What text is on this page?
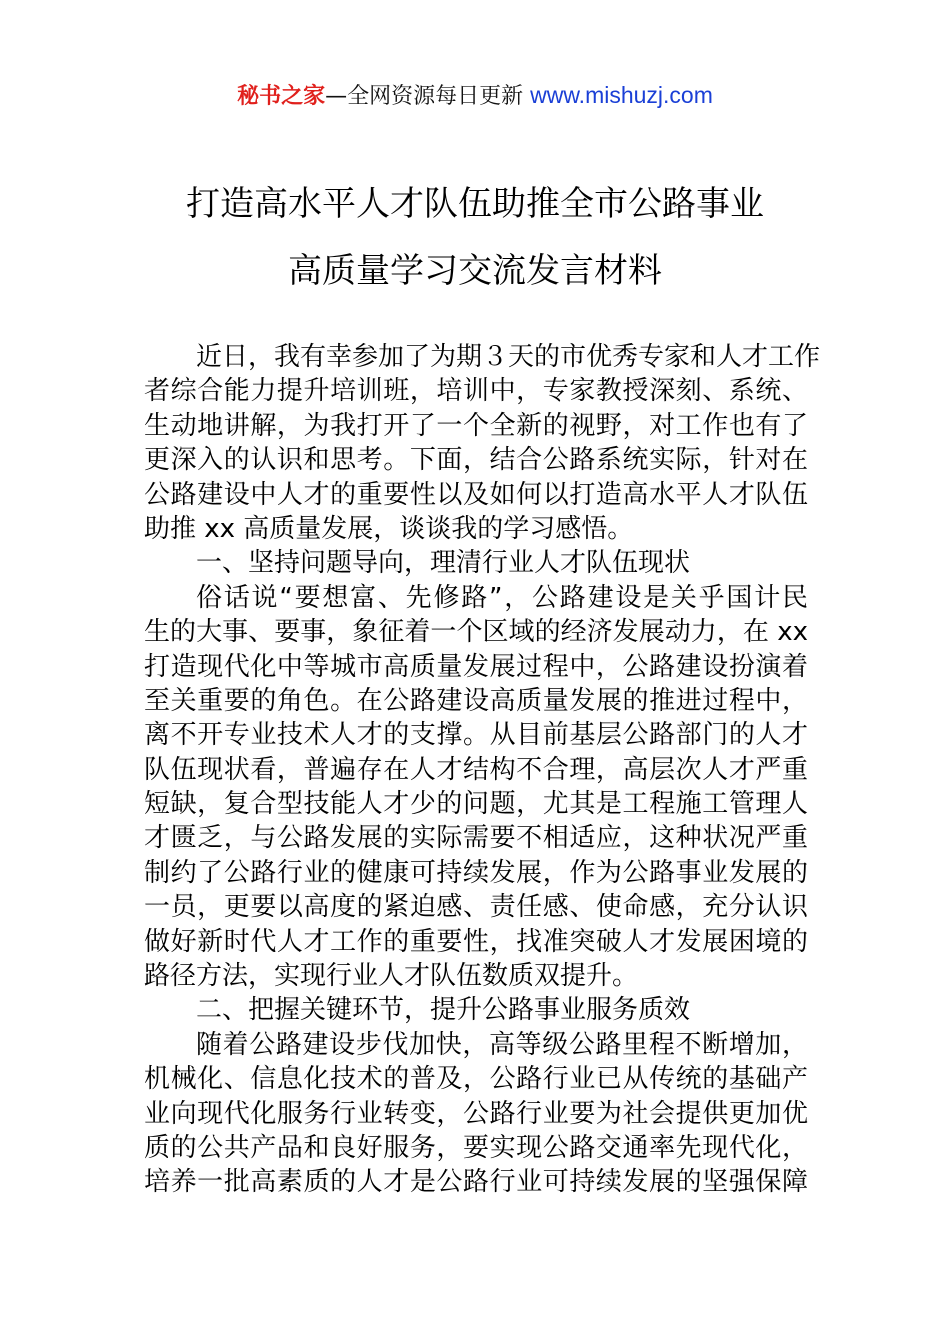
秘书之家—全网资源每日更新 www.mishuzj.com
打造高水平人才队伍助推全市公路事业
高质量学习交流发言材料
近日，我有幸参加了为期３天的市优秀专家和人才工作
者综合能力提升培训班，培训中，专家教授深刻、系统、
生动地讲解，为我打开了一个全新的视野，对工作也有了
更深入的认识和思考。下面，结合公路系统实际，针对在
公路建设中人才的重要性以及如何以打造高水平人才队伍
助推 xx 高质量发展，谈谈我的学习感悟。
一、坚持问题导向，理清行业人才队伍现状
俗话说“要想富、先修路”，公路建设是关乎国计民
生的大事、要事，象征着一个区域的经济发展动力，在 xx
打造现代化中等城市高质量发展过程中，公路建设扮演着
至关重要的角色。在公路建设高质量发展的推进过程中，
离不开专业技术人才的支撑。从目前基层公路部门的人才
队伍现状看，普遍存在人才结构不合理，高层次人才严重
短缺，复合型技能人才少的问题，尤其是工程施工管理人
才匮乏，与公路发展的实际需要不相适应，这种状况严重
制约了公路行业的健康可持续发展，作为公路事业发展的
一员，更要以高度的紧迫感、责任感、使命感，充分认识
做好新时代人才工作的重要性，找准突破人才发展困境的
路径方法，实现行业人才队伍数质双提升。
二、把握关键环节，提升公路事业服务质效
随着公路建设步伐加快，高等级公路里程不断增加，
机械化、信息化技术的普及，公路行业已从传统的基础产
业向现代化服务行业转变，公路行业要为社会提供更加优
质的公共产品和良好服务，要实现公路交通率先现代化，
培养一批高素质的人才是公路行业可持续发展的坚强保障
